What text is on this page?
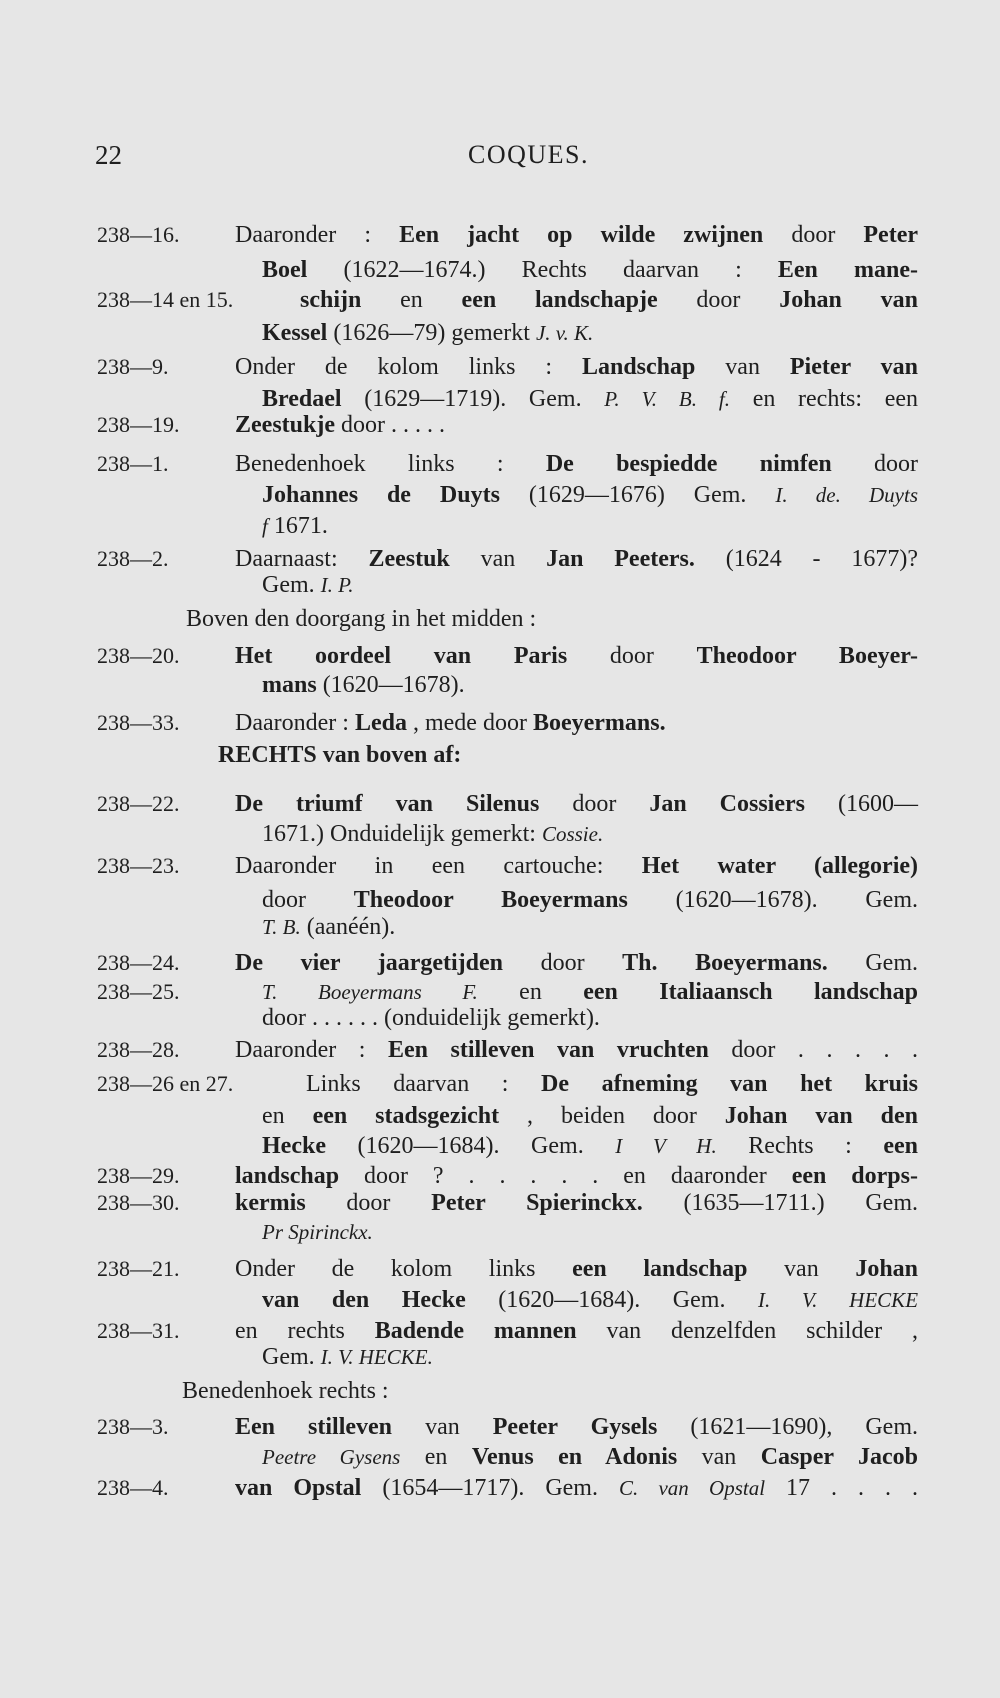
22	COQUES.
238—16. Daaronder : Een jacht op wilde zwijnen door Peter
Boel (1622—1674.) Rechts daarvan : Een mane-
238—14 en 15.	schijn en een landschapje door Johan van
Kessel (1626—79) gemerkt J. v. K.
238—9.	Onder de kolom links : Landschap van Pieter van
Bredael (1629—1719). Gem. P. V. B. f. en rechts: een
238—19. Zeestukje door . . . . .
238—1.	Benedenhoek links : De bespiedde nimfen door
Johannes de Duyts (1629—1676) Gem. I. de. Duyts
f 1671.
238—2.	Daarnaast: Zeestuk van Jan Peeters. (1624 - 1677)?
Gem. I. P.
Boven den doorgang in het midden :
238—20. Het oordeel van Paris door Theodoor Boeyer-
mans (1620—1678).
238—33. Daaronder : Leda , mede door Boeyermans.
RECHTS van boven af:
238—22. De triumf van Silenus door Jan Cossiers (1600—
1671.) Onduidelijk gemerkt: Cossie.
238—23. Daaronder in een cartouche: Het water (allegorie)
door Theodoor Boeyermans (1620—1678). Gem.
T. B. (aanéén).
238—24. De vier jaargetijden door Th. Boeyermans. Gem.
238—25.	T. Boeyermans F. en een Italiaansch landschap
door . . . . . . (onduidelijk gemerkt).
238—28. Daaronder : Een stilleven van vruchten door . . . . .
238—26 en 27.	Links daarvan : De afneming van het kruis
en een stadsgezicht , beiden door Johan van den
Hecke (1620—1684). Gem. I V H. Rechts : een
238—29. landschap door ? . . . . . en daaronder een dorps-
238—30. kermis door Peter Spierinckx. (1635—1711.) Gem.
Pr Spirinckx.
238—21. Onder de kolom links een landschap van Johan
van den Hecke (1620—1684). Gem. I. V. HECKE
238—31. en rechts Badende mannen van denzelfden schilder ,
Gem. I. V. HECKE.
Benedenhoek rechts :
238—3.	Een stilleven van Peeter Gysels (1621—1690), Gem.
Peetre Gysens en Venus en Adonis van Casper Jacob
238—4.	van Opstal (1654—1717). Gem. C. van Opstal 17 . . . .
